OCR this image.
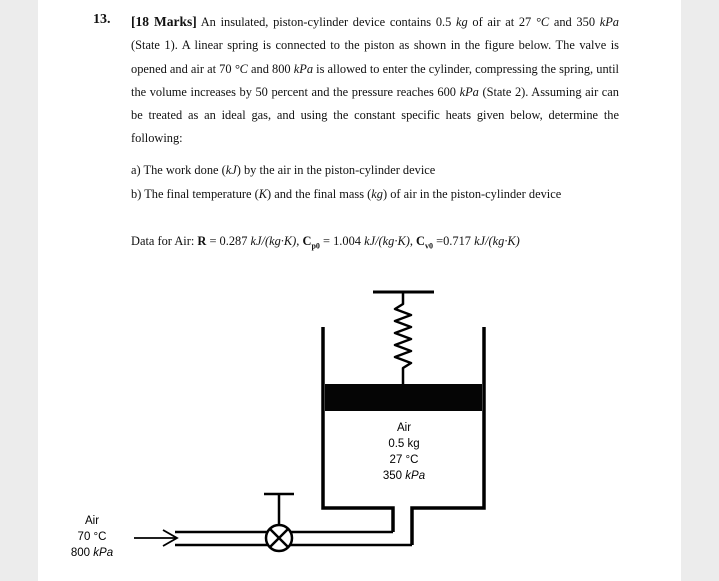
13. [18 Marks] An insulated, piston-cylinder device contains 0.5 kg of air at 27 °C and 350 kPa (State 1). A linear spring is connected to the piston as shown in the figure below. The valve is opened and air at 70 °C and 800 kPa is allowed to enter the cylinder, compressing the spring, until the volume increases by 50 percent and the pressure reaches 600 kPa (State 2). Assuming air can be treated as an ideal gas, and using the constant specific heats given below, determine the following:
a) The work done (kJ) by the air in the piston-cylinder device
b) The final temperature (K) and the final mass (kg) of air in the piston-cylinder device
Data for Air: R = 0.287 kJ/(kg·K), $C_{p0} = 1.004$ kJ/(kg·K), $C_{v0} =0.717$ kJ/(kg·K)
Air
0.5 kg
27 °C
350 kPa
Air
70 °C
800 kPa
